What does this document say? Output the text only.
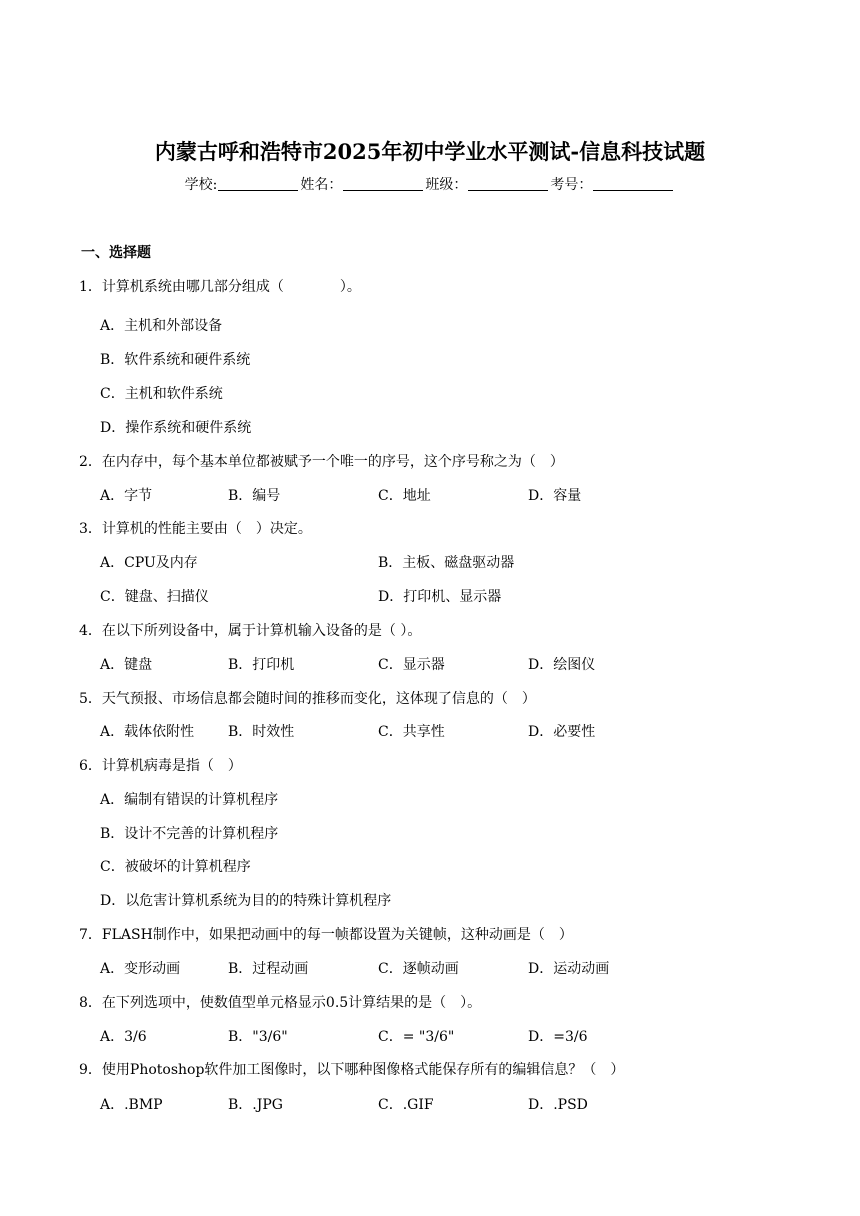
内蒙古呼和浩特市2025年初中学业水平测试-信息科技试题
学校:	姓名：	班级：	考号：
一、选择题
1．计算机系统由哪几部分组成（　　　　）。
A．主机和外部设备
B．软件系统和硬件系统
C．主机和软件系统
D．操作系统和硬件系统
2．在内存中，每个基本单位都被赋予一个唯一的序号，这个序号称之为（　）
A．字节	B．编号	C．地址	D．容量
3．计算机的性能主要由（　）决定。
A．CPU及内存	B．主板、磁盘驱动器
C．键盘、扫描仪	D．打印机、显示器
4．在以下所列设备中，属于计算机输入设备的是（ ）。
A．键盘	B．打印机	C．显示器	D．绘图仪
5．天气预报、市场信息都会随时间的推移而变化，这体现了信息的（　）
A．载体依附性 B．时效性	C．共享性	D．必要性
6．计算机病毒是指（　）
A．编制有错误的计算机程序
B．设计不完善的计算机程序
C．被破坏的计算机程序
D．以危害计算机系统为目的的特殊计算机程序
7．FLASH制作中，如果把动画中的每一帧都设置为关键帧，这种动画是（　）
A．变形动画	B．过程动画	C．逐帧动画	D．运动动画
8．在下列选项中，使数值型单元格显示0.5计算结果的是（　）。
A．3/6	B．"3/6"	C．= "3/6"	D．=3/6
9．使用Photoshop软件加工图像时，以下哪种图像格式能保存所有的编辑信息？（　）
A．.BMP	B．.JPG	C．.GIF	D．.PSD
